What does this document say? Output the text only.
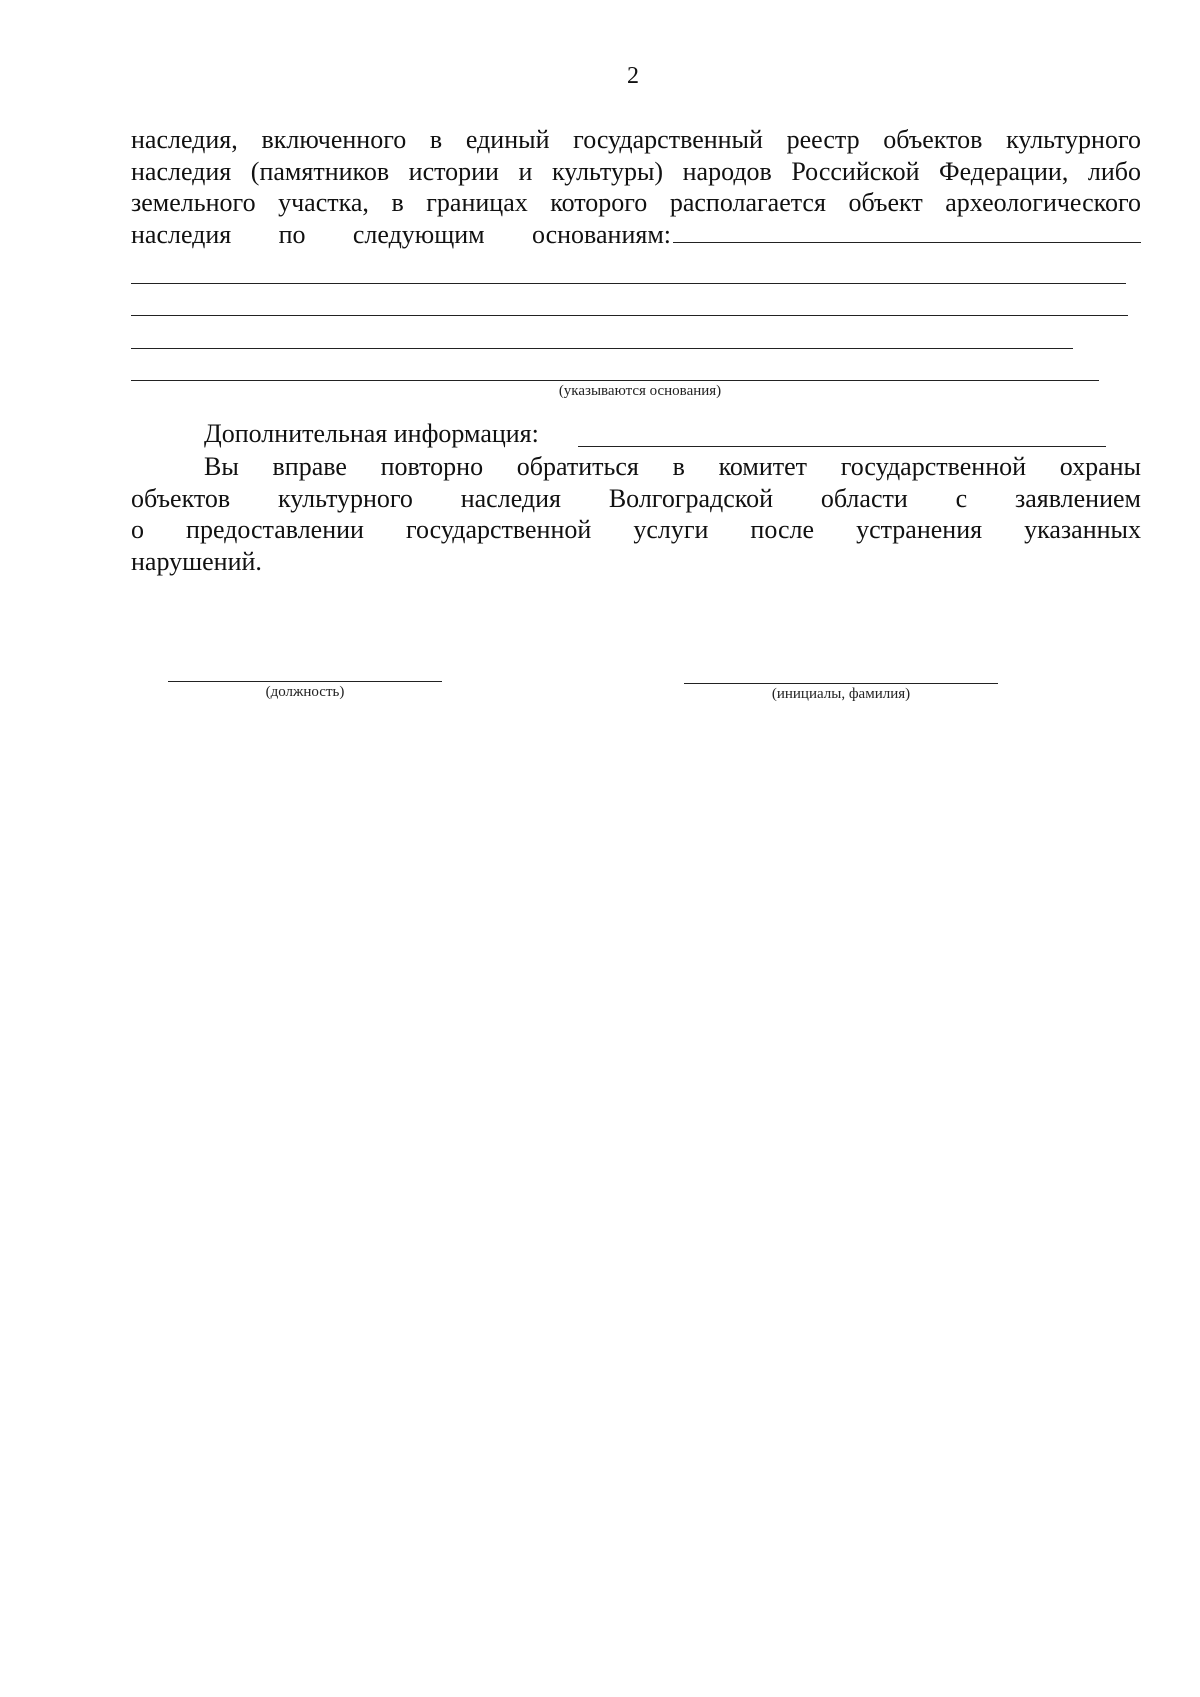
2
наследия, включенного в единый государственный реестр объектов культурного
наследия (памятников истории и культуры) народов Российской Федерации, либо
земельного участка, в границах которого располагается объект археологического
наследия по следующим основаниям:
(указываются основания)
Дополнительная информация:
Вы вправе повторно обратиться в комитет государственной охраны
объектов культурного наследия Волгоградской области с заявлением
о предоставлении государственной услуги после устранения указанных
нарушений.
(должность)	(инициалы, фамилия)
